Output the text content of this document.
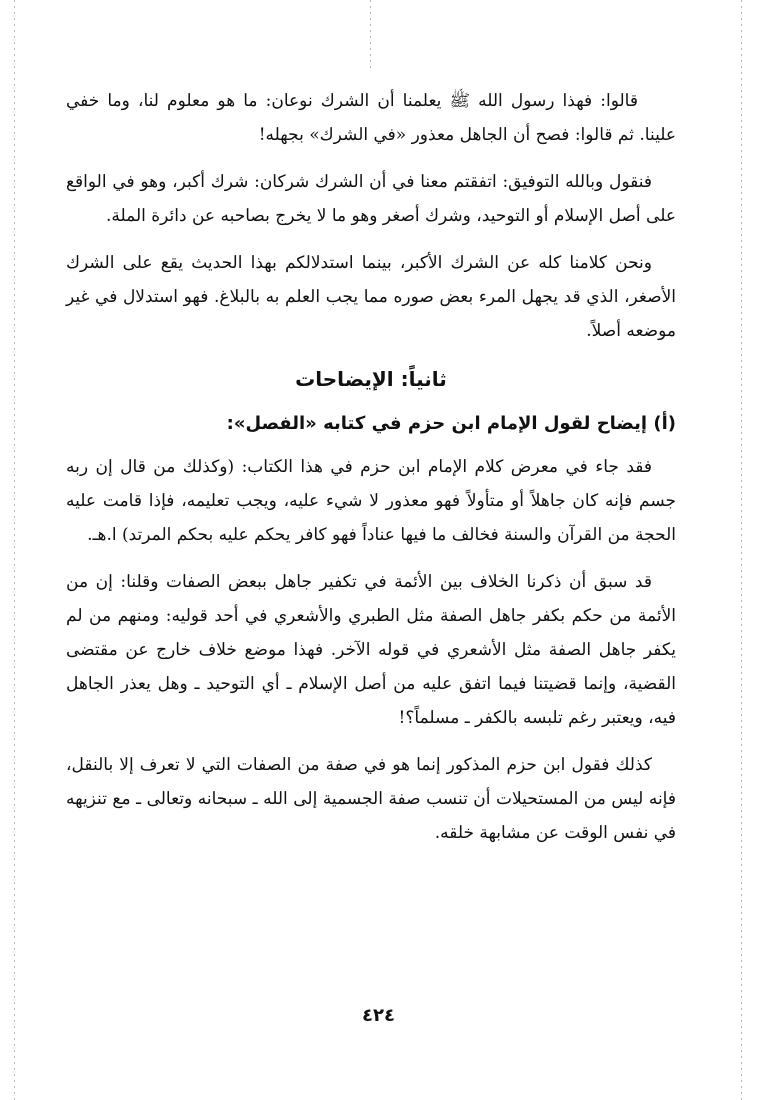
قالوا: فهذا رسول الله ﷺ يعلمنا أن الشرك نوعان: ما هو معلوم لنا، وما خفي علينا. ثم قالوا: فصح أن الجاهل معذور «في الشرك» بجهله!

فنقول وبالله التوفيق: اتفقتم معنا في أن الشرك شركان: شرك أكبر، وهو في الواقع على أصل الإسلام أو التوحيد، وشرك أصغر وهو ما لا يخرج بصاحبه عن دائرة الملة.

ونحن كلامنا كله عن الشرك الأكبر، بينما استدلالكم بهذا الحديث يقع على الشرك الأصغر، الذي قد يجهل المرء بعض صوره مما يجب العلم به بالبلاغ. فهو استدلال في غير موضعه أصلاً.

ثانياً: الإيضاحات
(أ) إيضاح لقول الإمام ابن حزم في كتابه «الفصل»:

فقد جاء في معرض كلام الإمام ابن حزم في هذا الكتاب: (وكذلك من قال إن ربه جسم فإنه كان جاهلاً أو متأولاً فهو معذور لا شيء عليه، ويجب تعليمه، فإذا قامت عليه الحجة من القرآن والسنة فخالف ما فيها عناداً فهو كافر يحكم عليه بحكم المرتد) ا.هـ.

قد سبق أن ذكرنا الخلاف بين الأئمة في تكفير جاهل ببعض الصفات وقلنا: إن من الأئمة من حكم بكفر جاهل الصفة مثل الطبري والأشعري في أحد قوليه: ومنهم من لم يكفر جاهل الصفة مثل الأشعري في قوله الآخر. فهذا موضع خلاف خارج عن مقتضى القضية، وإنما قضيتنا فيما اتفق عليه من أصل الإسلام ـ أي التوحيد ـ وهل يعذر الجاهل فيه، ويعتبر رغم تلبسه بالكفر ـ مسلماً؟!

كذلك فقول ابن حزم المذكور إنما هو في صفة من الصفات التي لا تعرف إلا بالنقل، فإنه ليس من المستحيلات أن تنسب صفة الجسمية إلى الله ـ سبحانه وتعالى ـ مع تنزيهه في نفس الوقت عن مشابهة خلقه.

٤٢٤
